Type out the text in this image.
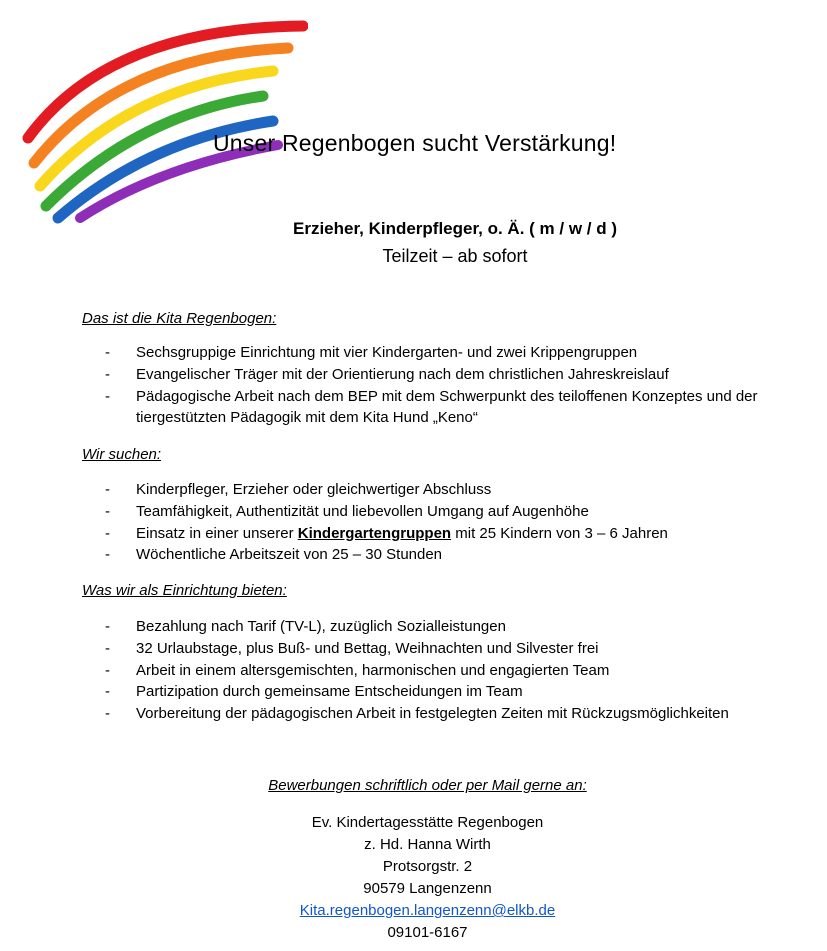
Unser Regenbogen sucht Verstärkung!
Erzieher, Kinderpfleger, o. Ä. ( m / w / d )
Teilzeit – ab sofort
Das ist die Kita Regenbogen:
- Sechsgruppige Einrichtung mit vier Kindergarten- und zwei Krippengruppen
- Evangelischer Träger mit der Orientierung nach dem christlichen Jahreskreislauf
- Pädagogische Arbeit nach dem BEP mit dem Schwerpunkt des teiloffenen Konzeptes und der tiergestützten Pädagogik mit dem Kita Hund „Keno“
Wir suchen:
- Kinderpfleger, Erzieher oder gleichwertiger Abschluss
- Teamfähigkeit, Authentizität und liebevollen Umgang auf Augenhöhe
- Einsatz in einer unserer Kindergartengruppen mit 25 Kindern von 3 – 6 Jahren
- Wöchentliche Arbeitszeit von 25 – 30 Stunden
Was wir als Einrichtung bieten:
- Bezahlung nach Tarif (TV-L), zuzüglich Sozialleistungen
- 32 Urlaubstage, plus Buß- und Bettag, Weihnachten und Silvester frei
- Arbeit in einem altersgemischten, harmonischen und engagierten Team
- Partizipation durch gemeinsame Entscheidungen im Team
- Vorbereitung der pädagogischen Arbeit in festgelegten Zeiten mit Rückzugsmöglichkeiten
Bewerbungen schriftlich oder per Mail gerne an:
Ev. Kindertagesstätte Regenbogen
z. Hd. Hanna Wirth
Protsorgstr. 2
90579 Langenzenn
Kita.regenbogen.langenzenn@elkb.de
09101-6167
